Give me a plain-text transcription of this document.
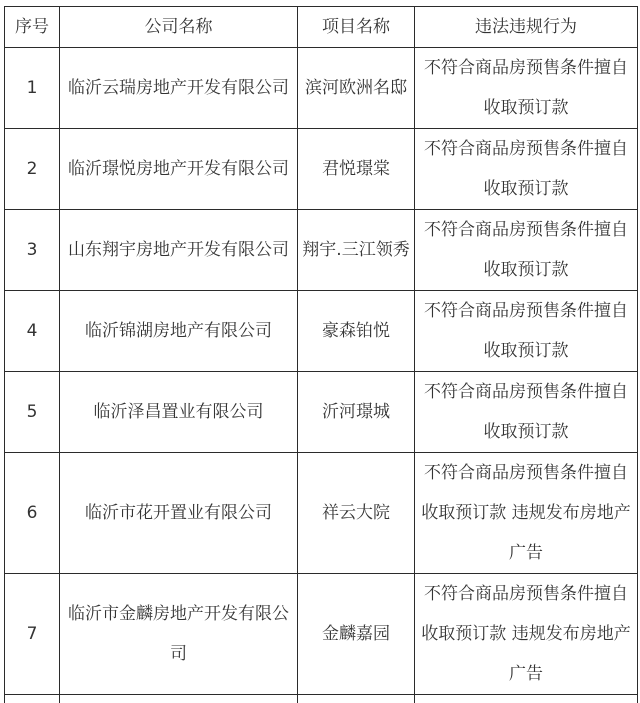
序号	公司名称	项目名称	违法违规行为
1	临沂云瑞房地产开发有限公司	滨河欧洲名邸	不符合商品房预售条件擅自收取预订款
2	临沂璟悦房地产开发有限公司	君悦璟棠	不符合商品房预售条件擅自收取预订款
3	山东翔宇房地产开发有限公司	翔宇.三江领秀	不符合商品房预售条件擅自收取预订款
4	临沂锦湖房地产有限公司	豪森铂悦	不符合商品房预售条件擅自收取预订款
5	临沂泽昌置业有限公司	沂河璟城	不符合商品房预售条件擅自收取预订款
6	临沂市花开置业有限公司	祥云大院	不符合商品房预售条件擅自收取预订款 违规发布房地产广告
7	临沂市金麟房地产开发有限公司	金麟嘉园	不符合商品房预售条件擅自收取预订款 违规发布房地产广告
